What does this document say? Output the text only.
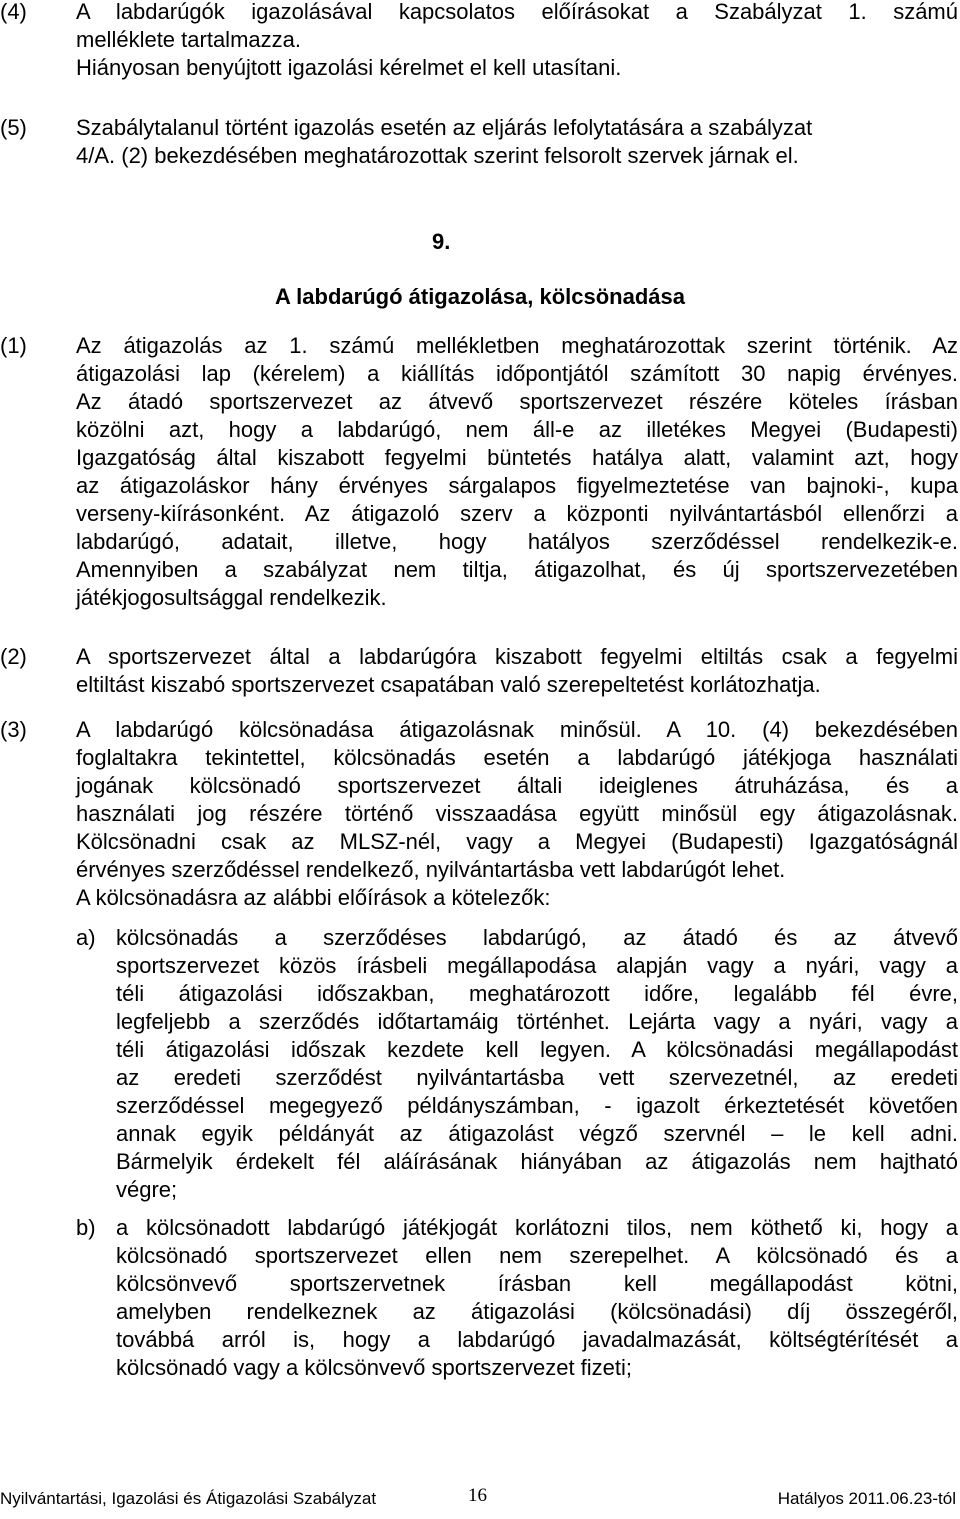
(4)	A labdarúgók igazolásával kapcsolatos előírásokat a Szabályzat 1. számú
melléklete tartalmazza.
Hiányosan benyújtott igazolási kérelmet el kell utasítani.
(5)	Szabálytalanul történt igazolás esetén az eljárás lefolytatására a szabályzat
4/A. (2) bekezdésében meghatározottak szerint felsorolt szervek járnak el.
9.
A labdarúgó átigazolása, kölcsönadása
(1)	Az átigazolás az 1. számú mellékletben meghatározottak szerint történik. Az
átigazolási lap (kérelem) a kiállítás időpontjától számított 30 napig érvényes.
Az átadó sportszervezet az átvevő sportszervezet részére köteles írásban
közölni azt, hogy a labdarúgó, nem áll-e az illetékes Megyei (Budapesti)
Igazgatóság által kiszabott fegyelmi büntetés hatálya alatt, valamint azt, hogy
az átigazoláskor hány érvényes sárgalapos figyelmeztetése van bajnoki-, kupa
verseny-kiírásonként. Az átigazoló szerv a központi nyilvántartásból ellenőrzi a
labdarúgó, adatait, illetve, hogy hatályos szerződéssel rendelkezik-e.
Amennyiben a szabályzat nem tiltja, átigazolhat, és új sportszervezetében
játékjogosultsággal rendelkezik.
(2)	A sportszervezet által a labdarúgóra kiszabott fegyelmi eltiltás csak a fegyelmi
eltiltást kiszabó sportszervezet csapatában való szerepeltetést korlátozhatja.
(3)	A labdarúgó kölcsönadása átigazolásnak minősül. A 10. (4) bekezdésében
foglaltakra tekintettel, kölcsönadás esetén a labdarúgó játékjoga használati
jogának kölcsönadó sportszervezet általi ideiglenes átruházása, és a
használati jog részére történő visszaadása együtt minősül egy átigazolásnak.
Kölcsönadni csak az MLSZ-nél, vagy a Megyei (Budapesti) Igazgatóságnál
érvényes szerződéssel rendelkező, nyilvántartásba vett labdarúgót lehet.
A kölcsönadásra az alábbi előírások a kötelezők:
a) kölcsönadás a szerződéses labdarúgó, az átadó és az átvevő
sportszervezet közös írásbeli megállapodása alapján vagy a nyári, vagy a
téli átigazolási időszakban, meghatározott időre, legalább fél évre,
legfeljebb a szerződés időtartamáig történhet. Lejárta vagy a nyári, vagy a
téli átigazolási időszak kezdete kell legyen. A kölcsönadási megállapodást
az eredeti szerződést nyilvántartásba vett szervezetnél, az eredeti
szerződéssel megegyező példányszámban, - igazolt érkeztetését követően
annak egyik példányát az átigazolást végző szervnél – le kell adni.
Bármelyik érdekelt fél aláírásának hiányában az átigazolás nem hajtható
végre;
b) a kölcsönadott labdarúgó játékjogát korlátozni tilos, nem köthető ki, hogy a
kölcsönadó sportszervezet ellen nem szerepelhet. A kölcsönadó és a
kölcsönvevő sportszervetnek írásban kell megállapodást kötni,
amelyben rendelkeznek az átigazolási (kölcsönadási) díj összegéről,
továbbá arról is, hogy a labdarúgó javadalmazását, költségtérítését a
kölcsönadó vagy a kölcsönvevő sportszervezet fizeti;
Nyilvántartási, Igazolási és Átigazolási Szabályzat	16	Hatályos 2011.06.23-tól
